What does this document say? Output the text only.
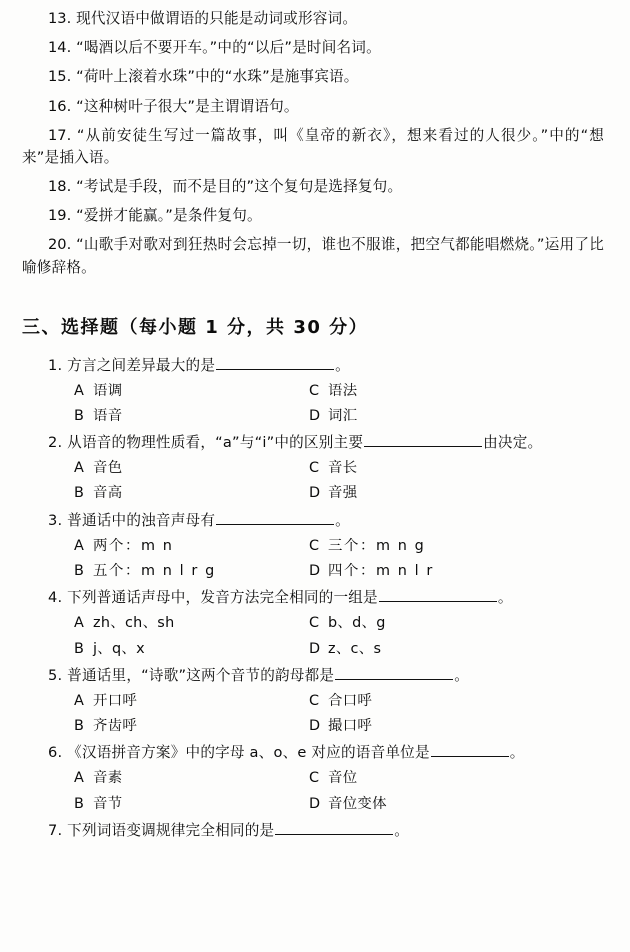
13. 现代汉语中做谓语的只能是动词或形容词。

14. “喝酒以后不要开车。”中的“以后”是时间名词。

15. “荷叶上滚着水珠”中的“水珠”是施事宾语。

16. “这种树叶子很大”是主谓谓语句。

17. “从前安徒生写过一篇故事，叫《皇帝的新衣》，想来看过的人很少。”中的“想来”是插入语。

18. “考试是手段，而不是目的”这个复句是选择复句。

19. “爱拼才能赢。”是条件复句。

20. “山歌手对歌对到狂热时会忘掉一切，谁也不服谁，把空气都能唱燃烧。”运用了比喻修辞格。

三、选择题（每小题 1 分，共 30 分）
1. 方言之间差异最大的是	。
A 语调	C 语法
B 语音	D 词汇
2. 从语音的物理性质看，“a”与“i”中的区别主要	由决定。
A 音色	C 音长
B 音高	D 音强
3. 普通话中的浊音声母有	。
A 两个：m n	C 三个：m n g
B 五个：m n l r g	D 四个：m n l r
4. 下列普通话声母中，发音方法完全相同的一组是	。
A zh、ch、sh	C b、d、g
B j、q、x	D z、c、s
5. 普通话里，“诗歌”这两个音节的韵母都是	。
A 开口呼	C 合口呼
B 齐齿呼	D 撮口呼
6. 《汉语拼音方案》中的字母 a、o、e 对应的语音单位是	。
A 音素	C 音位
B 音节	D 音位变体
7. 下列词语变调规律完全相同的是	。
